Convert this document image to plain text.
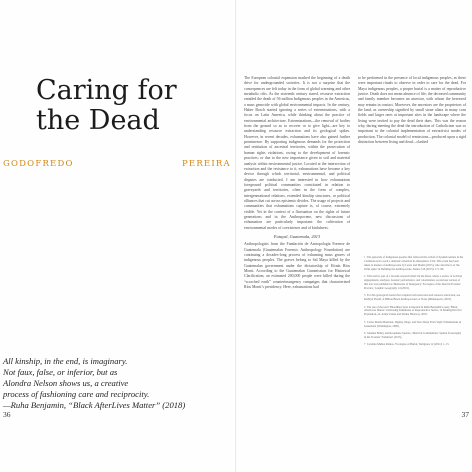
Caring for
the Dead
GODOFREDO	PEREIRA
All kinship, in the end, is imaginary.
Not faux, false, or inferior, but as
Alondra Nelson shows us, a creative
process of fashioning care and reciprocity.
—Ruha Benjamin, “Black AfterLives Matter” (2018)
36

The European colonial expansion marked the beginning of a death drive for undergrounded societies. It is not a surprise that the consequences are felt today in the form of global warming and other metabolic rifts. As the sixteenth century stared, resource extraction entailed the death of 56 million Indigenous peoples in the Americas, a mass genocide with global environmental impacts. In the century, Haber Bosch started ignoring a series of exterminations, with a focus on Latin America, while thinking about the practice of environmental architecture. Exterminations—the removal of bodies from the ground so as to recover or to give light—are key to understanding resource extraction and its geological spikes. However, in recent decades, exhumations have also gained further prominence. By supporting indigenous demands for the protection and restitution of ancestral territories, within the prosecution of human rights violations, owing to the development of forensic practices; or due to the new importance given to soil and material analysis within environmental justice. Located at the intersection of extraction and the resistance to it, exhumations have become a key device through which territorial, environmental, and political disputes are conducted. I am interested in how exhumations foreground political communities constituted in relation to graveyards and territories, often in the form of complex, intergenerational relations, extended kinship structures, or political alliances that cut across epistemic divides. The usage of projects and communities that exhumations capture is, of course, extremely visible. Yet in the context of a fluctuation on the rights of future generations and in the Anthropocene, new discussions of exhumation are particularly important: the cultivation of environmental modes of coexistence and of kinfulness.

Futuyal, Guatemala, 2013

Anthropologists from the Fundación de Antropología Forense de Guatemala (Guatemalan Forensic Anthropology Foundation) are continuing a decades-long process of exhuming mass graves of indigenous peoples. The graves belong to Sal Maya killed by the Guatemalan government under the dictatorship of Efraín Ríos Montt. According to the Guatemalan Commission for Historical Clarification, an estimated 200,000 people were killed during the “scorched earth” counterinsurgency campaigns that characterized Ríos Montt’s presidency. Here, exhumations had

to be performed in the presence of local indigenous peoples, as these were important rituals to observe in order to care for the dead. For Maya indigenous peoples, a proper burial is a matter of reproductive justice. Death does not mean absence of life; the deceased community and family member becomes an ancestor, with whom the bereaved may remain in contact. Moreover, the ancestors are the proprietors of the land, as ownership signified by small stone altars in many corn fields and larger ones at important sites in the landscape where the living were invited to pay the dead their dues. This was the reason why, during meeting the dead the introduction of Catholicism was so important to the colonial implementation of extractivist modes of production. The colonial model of remissions—produced upon a rigid distinction between living and dead—clashed

1 The genocide of indigenous peoples that followed the arrival of Spanish settlers in the Caribbean led to such a dramatic reduction in atmospheric CO2. This event has been taken as marker of Anthropocene by Lewis and Maslin (2015), who describe it as 'the Orbis spike' in Defining the Anthropocene, Nature 519 (2015): 171–80.
2 This term is part of a broader research titled On the Dead, where a review of archival engagements, analyses, forensic performance, and colonization. A previous version of this text was published as 'Memories of Insurgency: Ecologies of the Dead in Forensic Practice,' Graphic Geography 14 (2019).
3 For this geological notion that conjoins both extraction and resource extraction, see Kathryn Yusoff, A Billion Black Anthropocenes or None (Minneapolis, 2018).
4 The use of the term 'Bloodlines' here is inspired in Ruha Benjamin's essay 'Black AfterLives Matter: Cultivating Kinfulness as Reproductive Justice,' in Making Kin Not Population, ed. Adele Clarke and Donna Haraway, 2018.
5 Carlos Martín Beristain, Dignity, Hope, and New Dates Extra Vigil: Exhumations in Guatemala (Washington, 2000).
6 Johanna Bailey and Rosemarie Spataro, 'Metrical Communities: Spatial Sovereignty in the Forensic Transition' (2015).
7 Carolina Muñoz Ramos, 'Ecologies of Burial,' Religions 12 (2021): 1–15.
37
